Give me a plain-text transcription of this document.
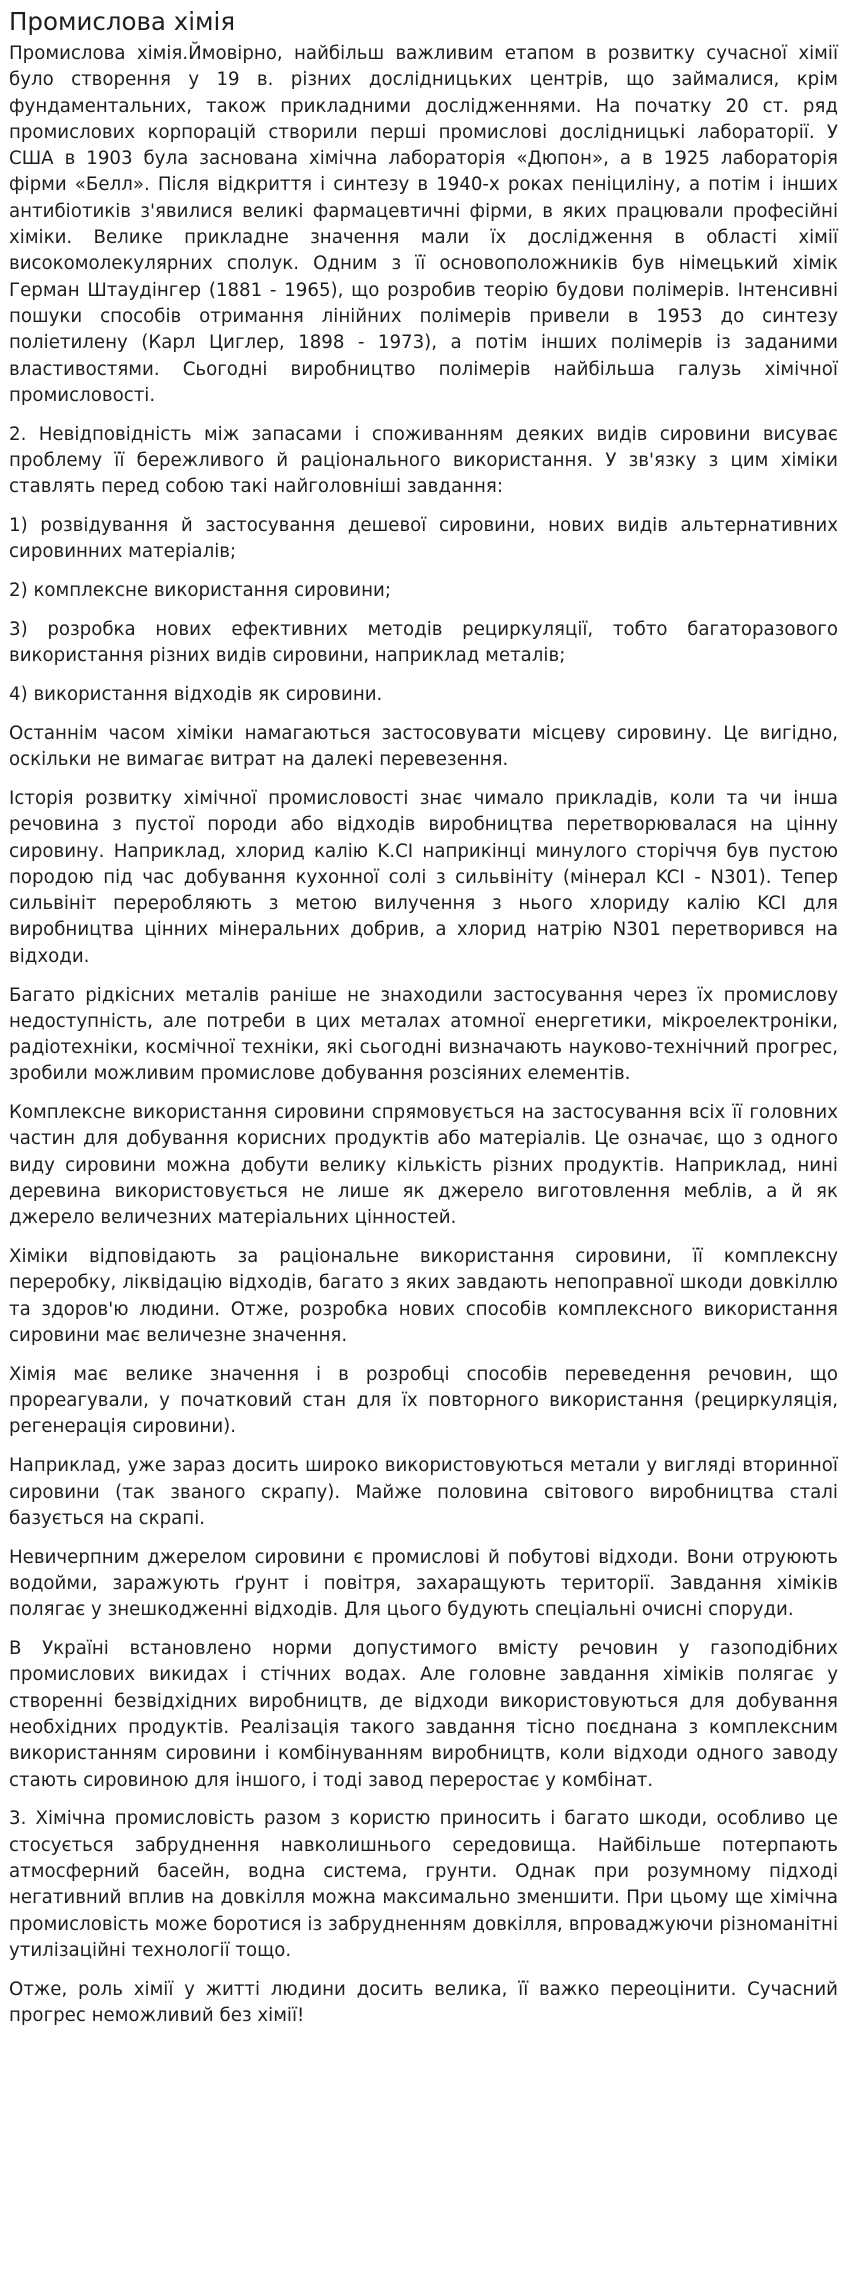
Промислова хімія

Промислова хімія.Ймовірно, найбільш важливим етапом в розвитку сучасної хімії було створення у 19 в. різних дослідницьких центрів, що займалися, крім фундаментальних, також прикладними дослідженнями. На початку 20 ст. ряд промислових корпорацій створили перші промислові дослідницькі лабораторії. У США в 1903 була заснована хімічна лабораторія «Дюпон», а в 1925 лабораторія фірми «Белл». Після відкриття і синтезу в 1940-х роках пеніциліну, а потім і інших антибіотиків з'явилися великі фармацевтичні фірми, в яких працювали професійні хіміки. Велике прикладне значення мали їх дослідження в області хімії високомолекулярних сполук. Одним з її основоположників був німецький хімік Герман Штаудінгер (1881 - 1965), що розробив теорію будови полімерів. Інтенсивні пошуки способів отримання лінійних полімерів привели в 1953 до синтезу поліетилену (Карл Циглер, 1898 - 1973), а потім інших полімерів із заданими властивостями. Сьогодні виробництво полімерів найбільша галузь хімічної промисловості.

2. Невідповідність між запасами і споживанням деяких видів сировини висуває проблему її бережливого й раціонального використання. У зв'язку з цим хіміки ставлять перед собою такі найголовніші завдання:

1) розвідування й застосування дешевої сировини, нових видів альтернативних сировинних матеріалів;

2) комплексне використання сировини;

3) розробка нових ефективних методів рециркуляції, тобто багаторазового використання різних видів сировини, наприклад металів;

4) використання відходів як сировини.

Останнім часом хіміки намагаються застосовувати місцеву сировину. Це вигідно, оскільки не вимагає витрат на далекі перевезення.

Історія розвитку хімічної промисловості знає чимало прикладів, коли та чи інша речовина з пустої породи або відходів виробництва перетворювалася на цінну сировину. Наприклад, хлорид калію K.CI наприкінці минулого сторіччя був пустою породою під час добування кухонної солі з сильвініту (мінерал KCI - N301). Тепер сильвініт переробляють з метою вилучення з нього хлориду калію KCI для виробництва цінних мінеральних добрив, а хлорид натрію N301 перетворився на відходи.

Багато рідкісних металів раніше не знаходили застосування через їх промислову недоступність, але потреби в цих металах атомної енергетики, мікроелектроніки, радіотехніки, космічної техніки, які сьогодні визначають науково-технічний прогрес, зробили можливим промислове добування розсіяних елементів.

Комплексне використання сировини спрямовується на застосування всіх її головних частин для добування корисних продуктів або матеріалів. Це означає, що з одного виду сировини можна добути велику кількість різних продуктів. Наприклад, нині деревина використовується не лише як джерело виготовлення меблів, а й як джерело величезних матеріальних цінностей.

Хіміки відповідають за раціональне використання сировини, її комплексну переробку, ліквідацію відходів, багато з яких завдають непоправної шкоди довкіллю та здоров'ю людини. Отже, розробка нових способів комплексного використання сировини має величезне значення.

Хімія має велике значення і в розробці способів переведення речовин, що прореагували, у початковий стан для їх повторного використання (рециркуляція, регенерація сировини).

Наприклад, уже зараз досить широко використовуються метали у вигляді вторинної сировини (так званого скрапу). Майже половина світового виробництва сталі базується на скрапі.

Невичерпним джерелом сировини є промислові й побутові відходи. Вони отруюють водойми, заражують ґрунт і повітря, захаращують території. Завдання хіміків полягає у знешкодженні відходів. Для цього будують спеціальні очисні споруди.

В Україні встановлено норми допустимого вмісту речовин у газоподібних промислових викидах і стічних водах. Але головне завдання хіміків полягає у створенні безвідхідних виробництв, де відходи використовуються для добування необхідних продуктів. Реалізація такого завдання тісно поєднана з комплексним використанням сировини і комбінуванням виробництв, коли відходи одного заводу стають сировиною для іншого, і тоді завод переростає у комбінат.

3. Хімічна промисловість разом з користю приносить і багато шкоди, особливо це стосується забруднення навколишнього середовища. Найбільше потерпають атмосферний басейн, водна система, грунти. Однак при розумному підході негативний вплив на довкілля можна максимально зменшити. При цьому ще хімічна промисловість може боротися із забрудненням довкілля, впроваджуючи різноманітні утилізаційні технології тощо.

Отже, роль хімії у житті людини досить велика, її важко переоцінити. Сучасний прогрес неможливий без хімії!
